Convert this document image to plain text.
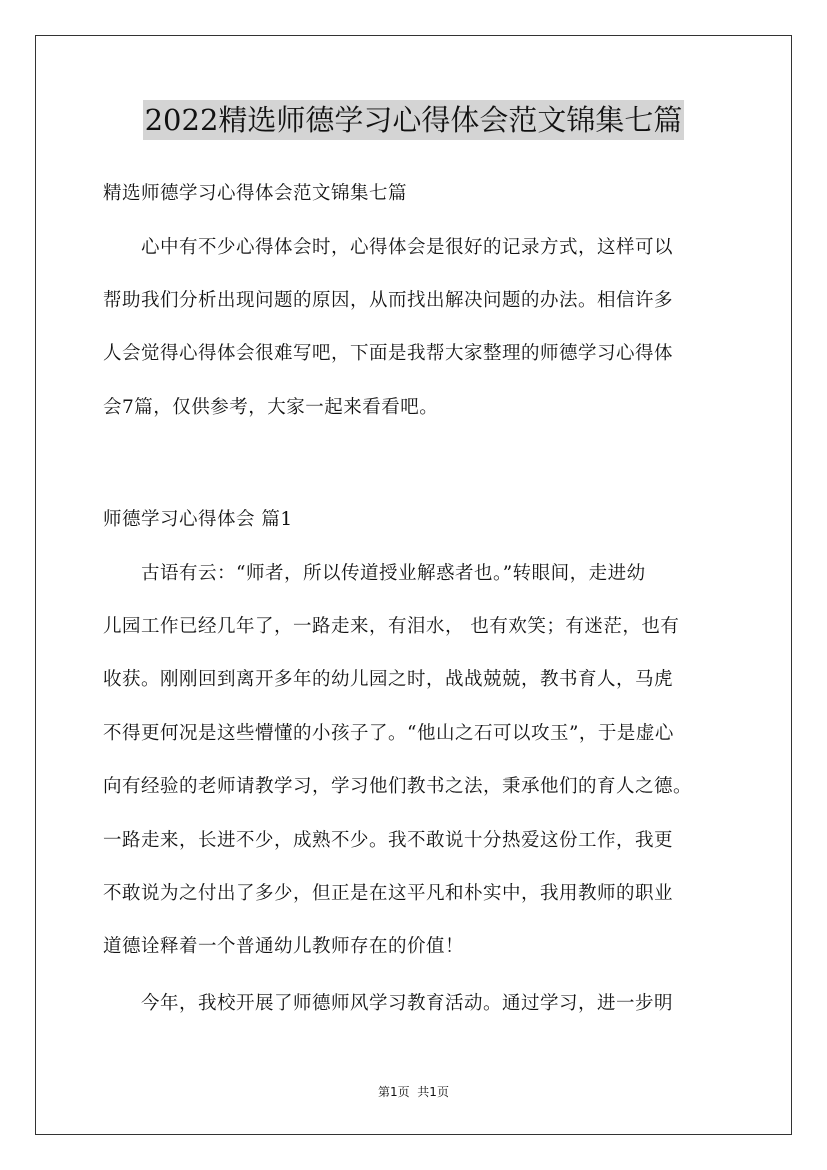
2022精选师德学习心得体会范文锦集七篇
精选师德学习心得体会范文锦集七篇
心中有不少心得体会时，心得体会是很好的记录方式，这样可以
帮助我们分析出现问题的原因，从而找出解决问题的办法。相信许多
人会觉得心得体会很难写吧，下面是我帮大家整理的师德学习心得体
会7篇，仅供参考，大家一起来看看吧。
师德学习心得体会 篇1
古语有云：“师者，所以传道授业解惑者也。”转眼间，走进幼
儿园工作已经几年了，一路走来，有泪水， 也有欢笑；有迷茫，也有
收获。刚刚回到离开多年的幼儿园之时，战战兢兢，教书育人，马虎
不得更何况是这些懵懂的小孩子了。“他山之石可以攻玉”，于是虚心
向有经验的老师请教学习，学习他们教书之法，秉承他们的育人之德。
一路走来，长进不少，成熟不少。我不敢说十分热爱这份工作，我更
不敢说为之付出了多少，但正是在这平凡和朴实中，我用教师的职业
道德诠释着一个普通幼儿教师存在的价值！
今年，我校开展了师德师风学习教育活动。通过学习，进一步明
第1页  共1页
